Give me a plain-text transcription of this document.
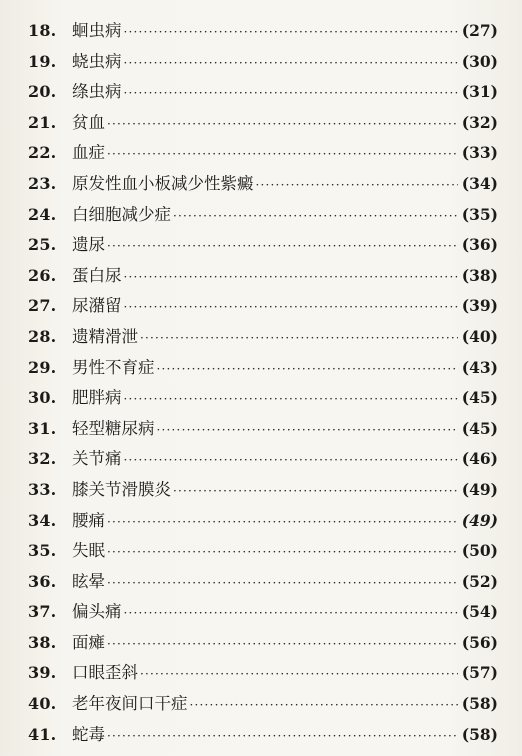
18. 蛔虫病 ·····	(27)
19. 蛲虫病 ·····	(30)
20. 绦虫病 ·····	(31)
21. 贫血 ·····	(32)
22. 血症 ·····	(33)
23. 原发性血小板减少性紫癜 ·····	(34)
24. 白细胞减少症 ·····	(35)
25. 遗尿 ·····	(36)
26. 蛋白尿 ·····	(38)
27. 尿潴留 ·····	(39)
28. 遗精滑泄 ·····	(40)
29. 男性不育症 ·····	(43)
30. 肥胖病 ·····	(45)
31. 轻型糖尿病 ·····	(45)
32. 关节痛 ·····	(46)
33. 膝关节滑膜炎 ·····	(49)
34. 腰痛 ·····	(49)
35. 失眠 ·····	(50)
36. 眩晕 ·····	(52)
37. 偏头痛 ·····	(54)
38. 面瘫 ·····	(56)
39. 口眼歪斜 ·····	(57)
40. 老年夜间口干症 ·····	(58)
41. 蛇毒 ·····	(58)
